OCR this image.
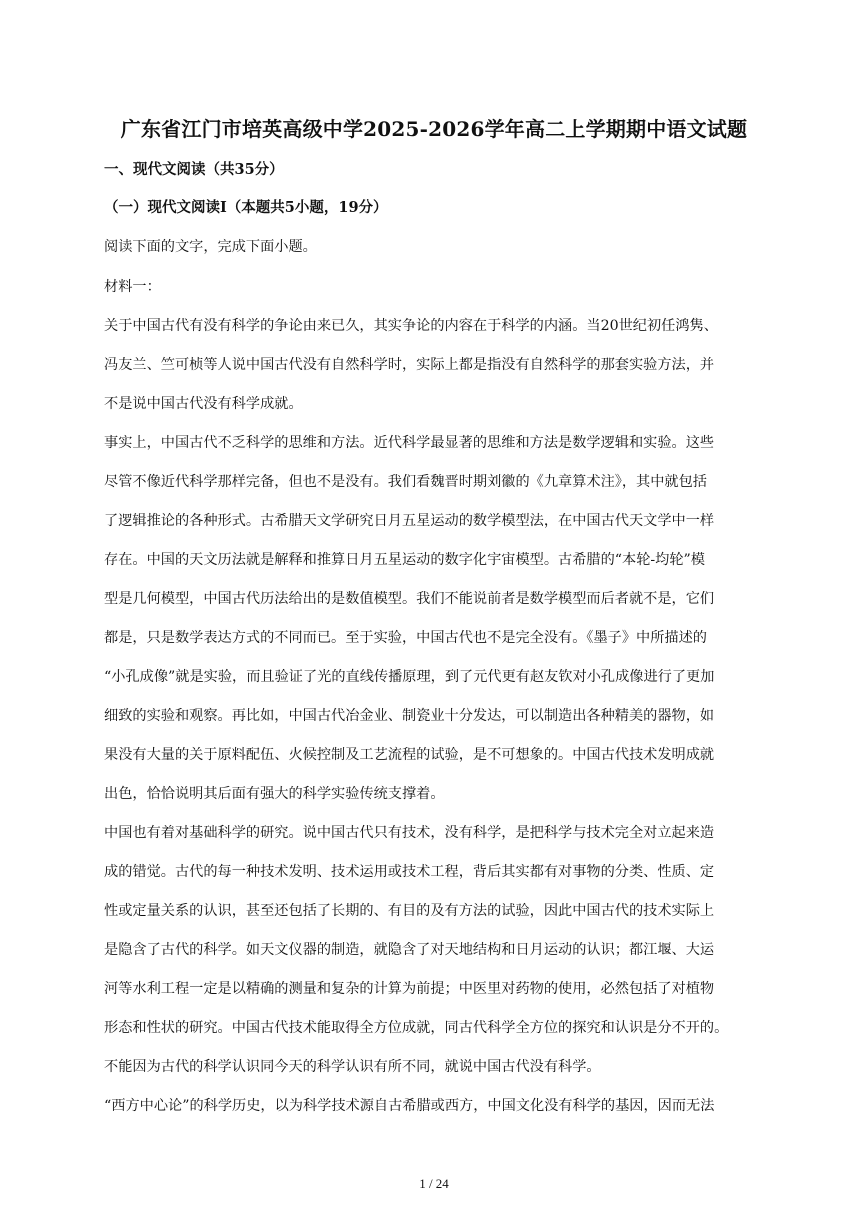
广东省江门市培英高级中学2025-2026学年高二上学期期中语文试题
一、现代文阅读（共35分）
（一）现代文阅读Ⅰ（本题共5小题，19分）
阅读下面的文字，完成下面小题。
材料一：
关于中国古代有没有科学的争论由来已久，其实争论的内容在于科学的内涵。当20世纪初任鸿隽、
冯友兰、竺可桢等人说中国古代没有自然科学时，实际上都是指没有自然科学的那套实验方法，并
不是说中国古代没有科学成就。
事实上，中国古代不乏科学的思维和方法。近代科学最显著的思维和方法是数学逻辑和实验。这些
尽管不像近代科学那样完备，但也不是没有。我们看魏晋时期刘徽的《九章算术注》，其中就包括
了逻辑推论的各种形式。古希腊天文学研究日月五星运动的数学模型法，在中国古代天文学中一样
存在。中国的天文历法就是解释和推算日月五星运动的数字化宇宙模型。古希腊的“本轮-均轮”模
型是几何模型，中国古代历法给出的是数值模型。我们不能说前者是数学模型而后者就不是，它们
都是，只是数学表达方式的不同而已。至于实验，中国古代也不是完全没有。《墨子》中所描述的
“小孔成像”就是实验，而且验证了光的直线传播原理，到了元代更有赵友钦对小孔成像进行了更加
细致的实验和观察。再比如，中国古代冶金业、制瓷业十分发达，可以制造出各种精美的器物，如
果没有大量的关于原料配伍、火候控制及工艺流程的试验，是不可想象的。中国古代技术发明成就
出色，恰恰说明其后面有强大的科学实验传统支撑着。
中国也有着对基础科学的研究。说中国古代只有技术，没有科学，是把科学与技术完全对立起来造
成的错觉。古代的每一种技术发明、技术运用或技术工程，背后其实都有对事物的分类、性质、定
性或定量关系的认识，甚至还包括了长期的、有目的及有方法的试验，因此中国古代的技术实际上
是隐含了古代的科学。如天文仪器的制造，就隐含了对天地结构和日月运动的认识；都江堰、大运
河等水利工程一定是以精确的测量和复杂的计算为前提；中医里对药物的使用，必然包括了对植物
形态和性状的研究。中国古代技术能取得全方位成就，同古代科学全方位的探究和认识是分不开的。
不能因为古代的科学认识同今天的科学认识有所不同，就说中国古代没有科学。
“西方中心论”的科学历史，以为科学技术源自古希腊或西方，中国文化没有科学的基因，因而无法
1 / 24
